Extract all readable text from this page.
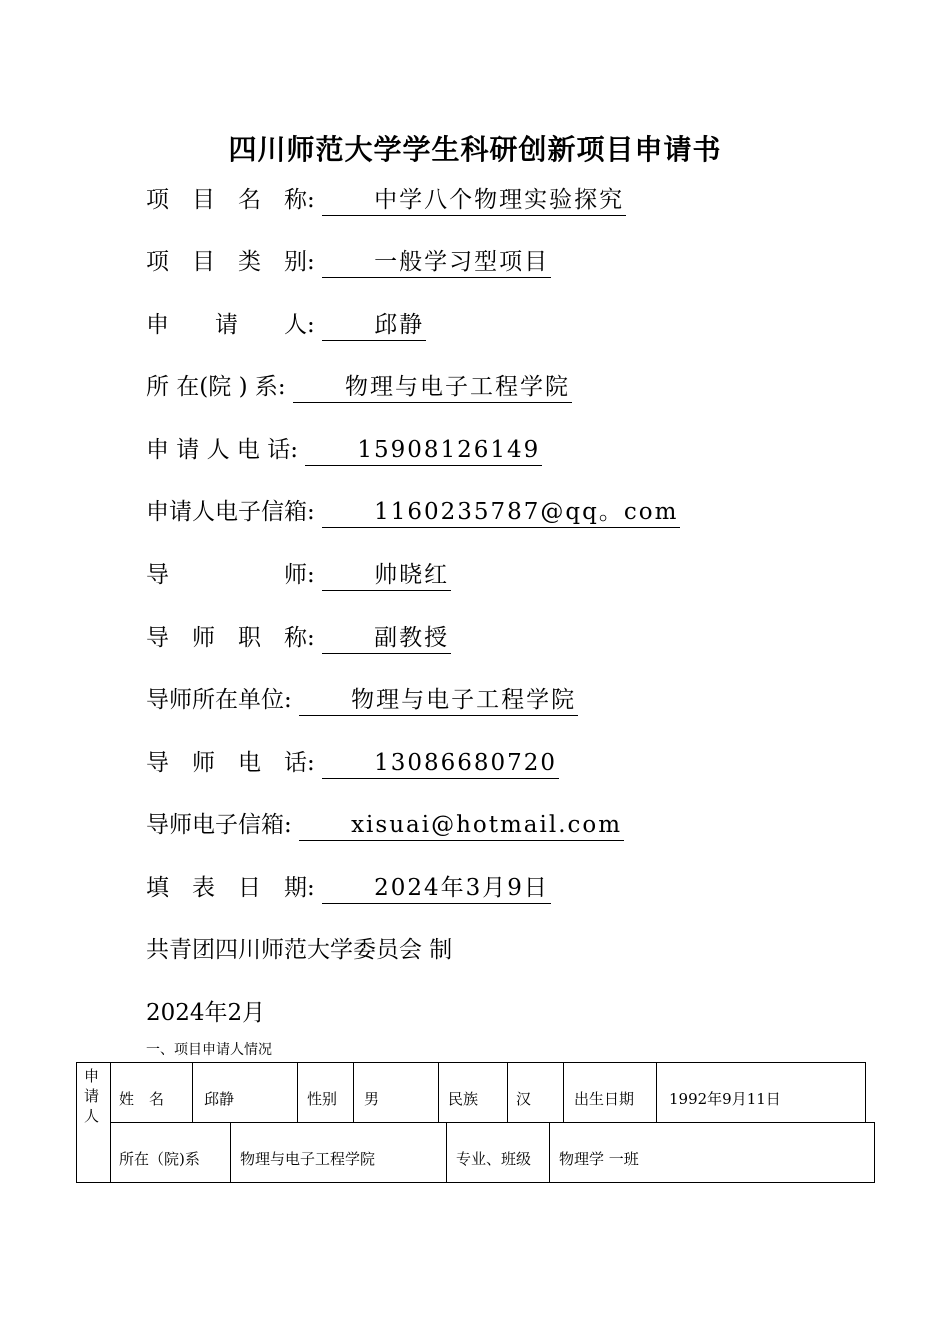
四川师范大学学生科研创新项目申请书
项　目　名　称:	中学八个物理实验探究
项　目　类　别:	一般学习型项目
申　　请　　人:	邱静
所 在(院 ) 系:	物理与电子工程学院
申 请 人 电 话:	15908126149
申请人电子信箱:	1160235787@qq。com
导　　　　　师:	帅晓红
导　师　职　称:	副教授
导师所在单位:	物理与电子工程学院
导　师　电　话:	13086680720
导师电子信箱:	xisuai@hotmail.com
填　表　日　期:	2024年3月9日
共青团四川师范大学委员会 制
2024年2月
一、项目申请人情况
申请人
姓　名	邱静	性别 男	民族	汉	出生日期 1992年9月11日
所在（院)系	物理与电子工程学院	专业、班级 物理学 一班
